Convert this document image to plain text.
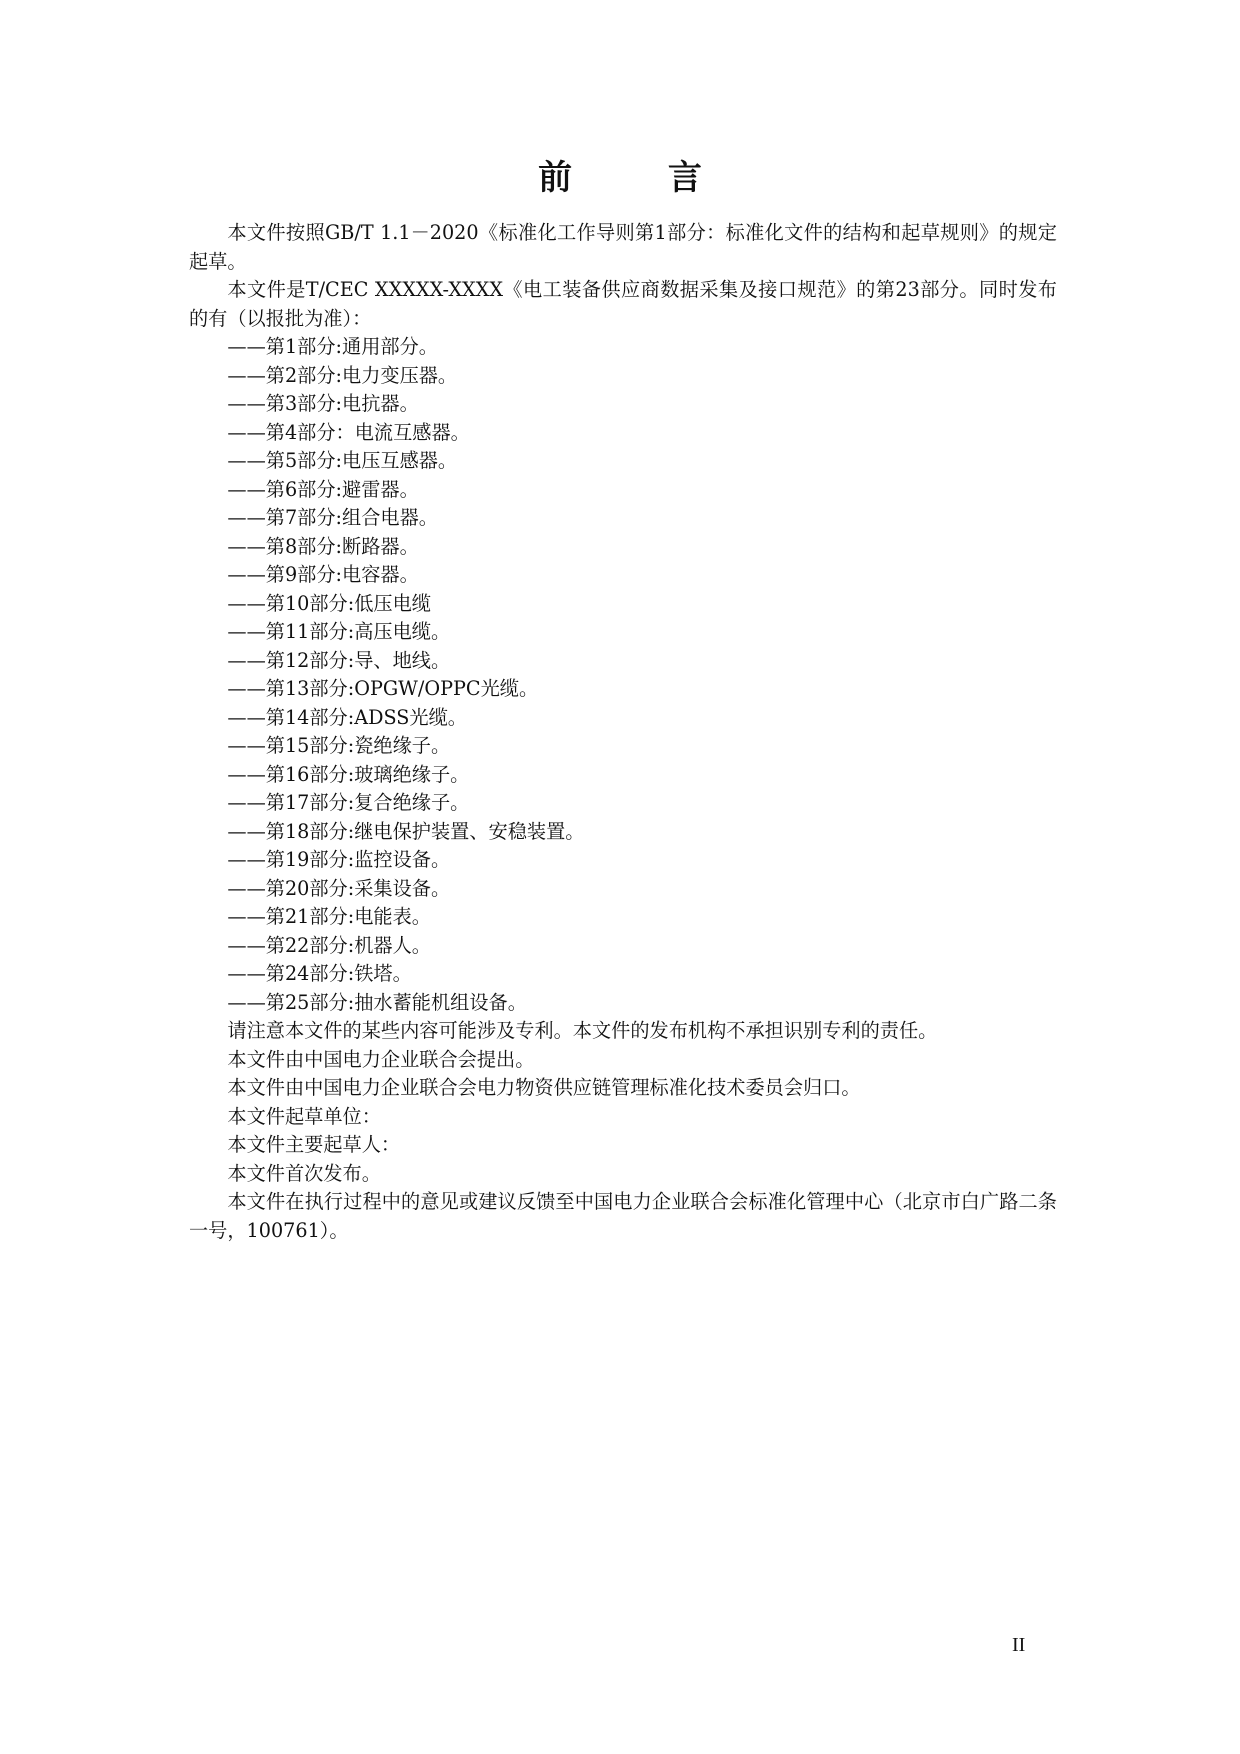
前 言

本文件按照GB/T 1.1－2020《标准化工作导则第1部分：标准化文件的结构和起草规则》的规定起草。

本文件是T/CEC XXXXX-XXXX《电工装备供应商数据采集及接口规范》的第23部分。同时发布的有（以报批为准）：

——第1部分:通用部分。

——第2部分:电力变压器。

——第3部分:电抗器。

——第4部分：电流互感器。

——第5部分:电压互感器。

——第6部分:避雷器。

——第7部分:组合电器。

——第8部分:断路器。

——第9部分:电容器。

——第10部分:低压电缆

——第11部分:高压电缆。

——第12部分:导、地线。

——第13部分:OPGW/OPPC光缆。

——第14部分:ADSS光缆。

——第15部分:瓷绝缘子。

——第16部分:玻璃绝缘子。

——第17部分:复合绝缘子。

——第18部分:继电保护装置、安稳装置。

——第19部分:监控设备。

——第20部分:采集设备。

——第21部分:电能表。

——第22部分:机器人。

——第24部分:铁塔。

——第25部分:抽水蓄能机组设备。

请注意本文件的某些内容可能涉及专利。本文件的发布机构不承担识别专利的责任。

本文件由中国电力企业联合会提出。

本文件由中国电力企业联合会电力物资供应链管理标准化技术委员会归口。

本文件起草单位：

本文件主要起草人：

本文件首次发布。

本文件在执行过程中的意见或建议反馈至中国电力企业联合会标准化管理中心（北京市白广路二条一号，100761）。

II
